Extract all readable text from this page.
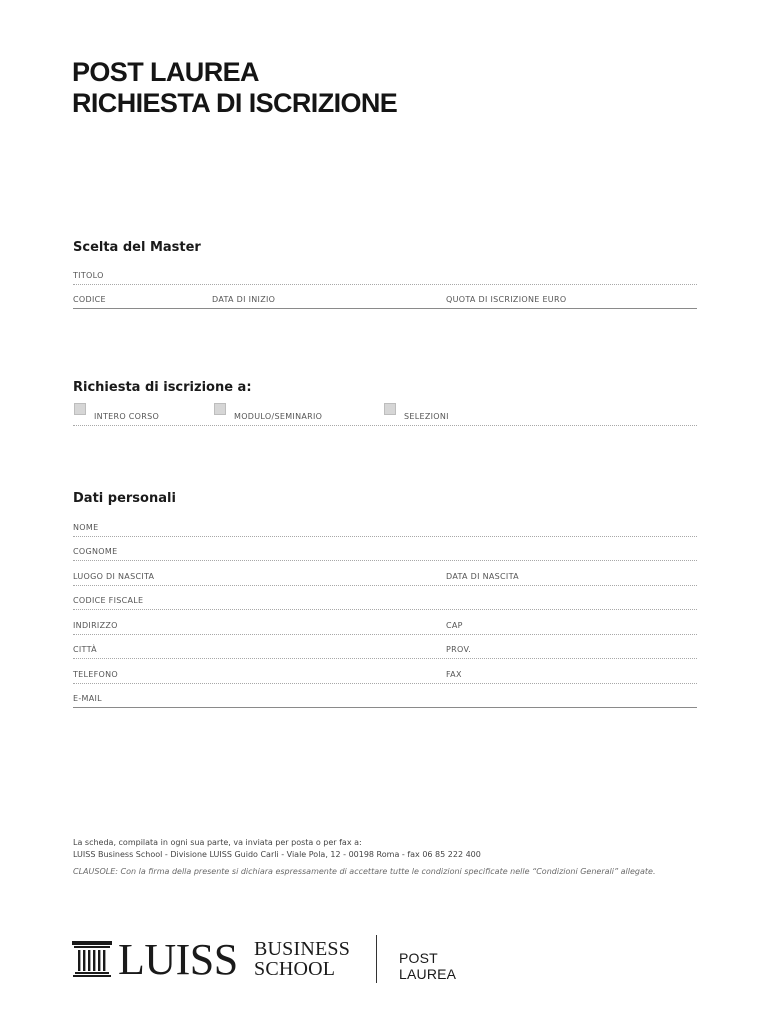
POST LAUREA
RICHIESTA DI ISCRIZIONE
Scelta del Master
TITOLO
CODICE	DATA DI INIZIO	QUOTA DI ISCRIZIONE EURO
Richiesta di iscrizione a:
INTERO CORSO	MODULO/SEMINARIO	SELEZIONI
Dati personali
NOME
COGNOME
LUOGO DI NASCITA	DATA DI NASCITA
CODICE FISCALE
INDIRIZZO	CAP
CITTÀ	PROV.
TELEFONO	FAX
E-MAIL

La scheda, compilata in ogni sua parte, va inviata per posta o per fax a:

LUISS Business School - Divisione LUISS Guido Carli - Viale Pola, 12 - 00198 Roma - fax 06 85 222 400

CLAUSOLE: Con la firma della presente si dichiara espressamente di accettare tutte le condizioni specificate nelle “Condizioni Generali” allegate.

LUISS BUSINESS
SCHOOL	POST LAUREA
